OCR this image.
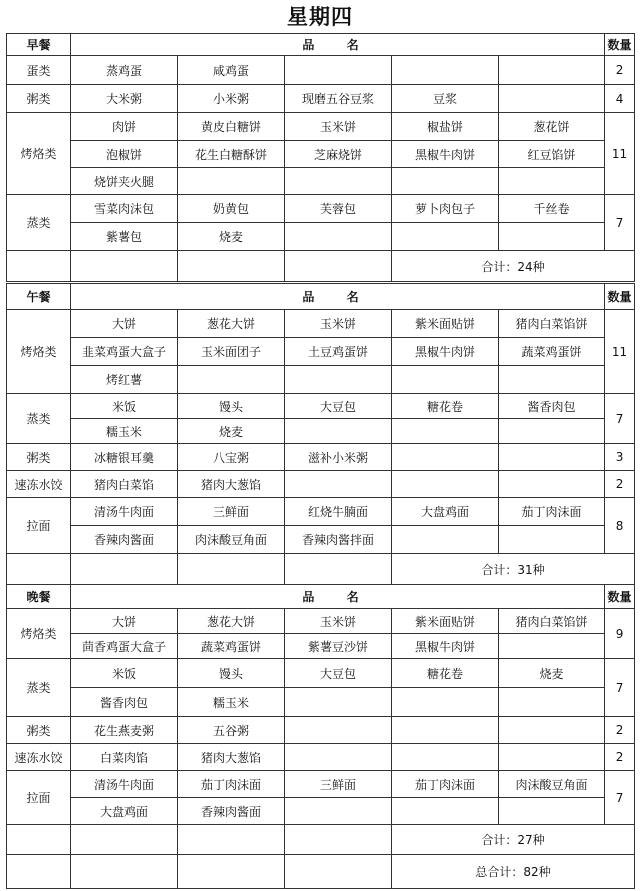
星期四
早餐	品 名					数量
蛋类	蒸鸡蛋	咸鸡蛋				2
粥类	大米粥	小米粥	现磨五谷豆浆	豆浆		4
烤烙类	肉饼	黄皮白糖饼	玉米饼	椒盐饼	葱花饼	11
	泡椒饼	花生白糖酥饼	芝麻烧饼	黑椒牛肉饼	红豆馅饼	
	烧饼夹火腿					
蒸类	雪菜肉沫包	奶黄包	芙蓉包	萝卜肉包子	千丝卷	7
	紫薯包	烧麦				
				合计：24种		
午餐	品 名					数量
烤烙类	大饼	葱花大饼	玉米饼	紫米面贴饼	猪肉白菜馅饼	11
	韭菜鸡蛋大盒子	玉米面团子	土豆鸡蛋饼	黑椒牛肉饼	蔬菜鸡蛋饼	
	烤红薯					
蒸类	米饭	馒头	大豆包	糖花卷	酱香肉包	7
	糯玉米	烧麦				
粥类	冰糖银耳羹	八宝粥	滋补小米粥			3
速冻水饺	猪肉白菜馅	猪肉大葱馅				2
拉面	清汤牛肉面	三鲜面	红烧牛腩面	大盘鸡面	茄丁肉沫面	8
	香辣肉酱面	肉沫酸豆角面	香辣肉酱拌面			
				合计：31种		
晚餐	品 名					数量
烤烙类	大饼	葱花大饼	玉米饼	紫米面贴饼	猪肉白菜馅饼	9
	茴香鸡蛋大盒子	蔬菜鸡蛋饼	紫薯豆沙饼	黑椒牛肉饼		
蒸类	米饭	馒头	大豆包	糖花卷	烧麦	7
	酱香肉包	糯玉米				
粥类	花生燕麦粥	五谷粥				2
速冻水饺	白菜肉馅	猪肉大葱馅				2
拉面	清汤牛肉面	茄丁肉沫面	三鲜面	茄丁肉沫面	肉沫酸豆角面	7
	大盘鸡面	香辣肉酱面				
				合计：27种		
				总合计：82种		
